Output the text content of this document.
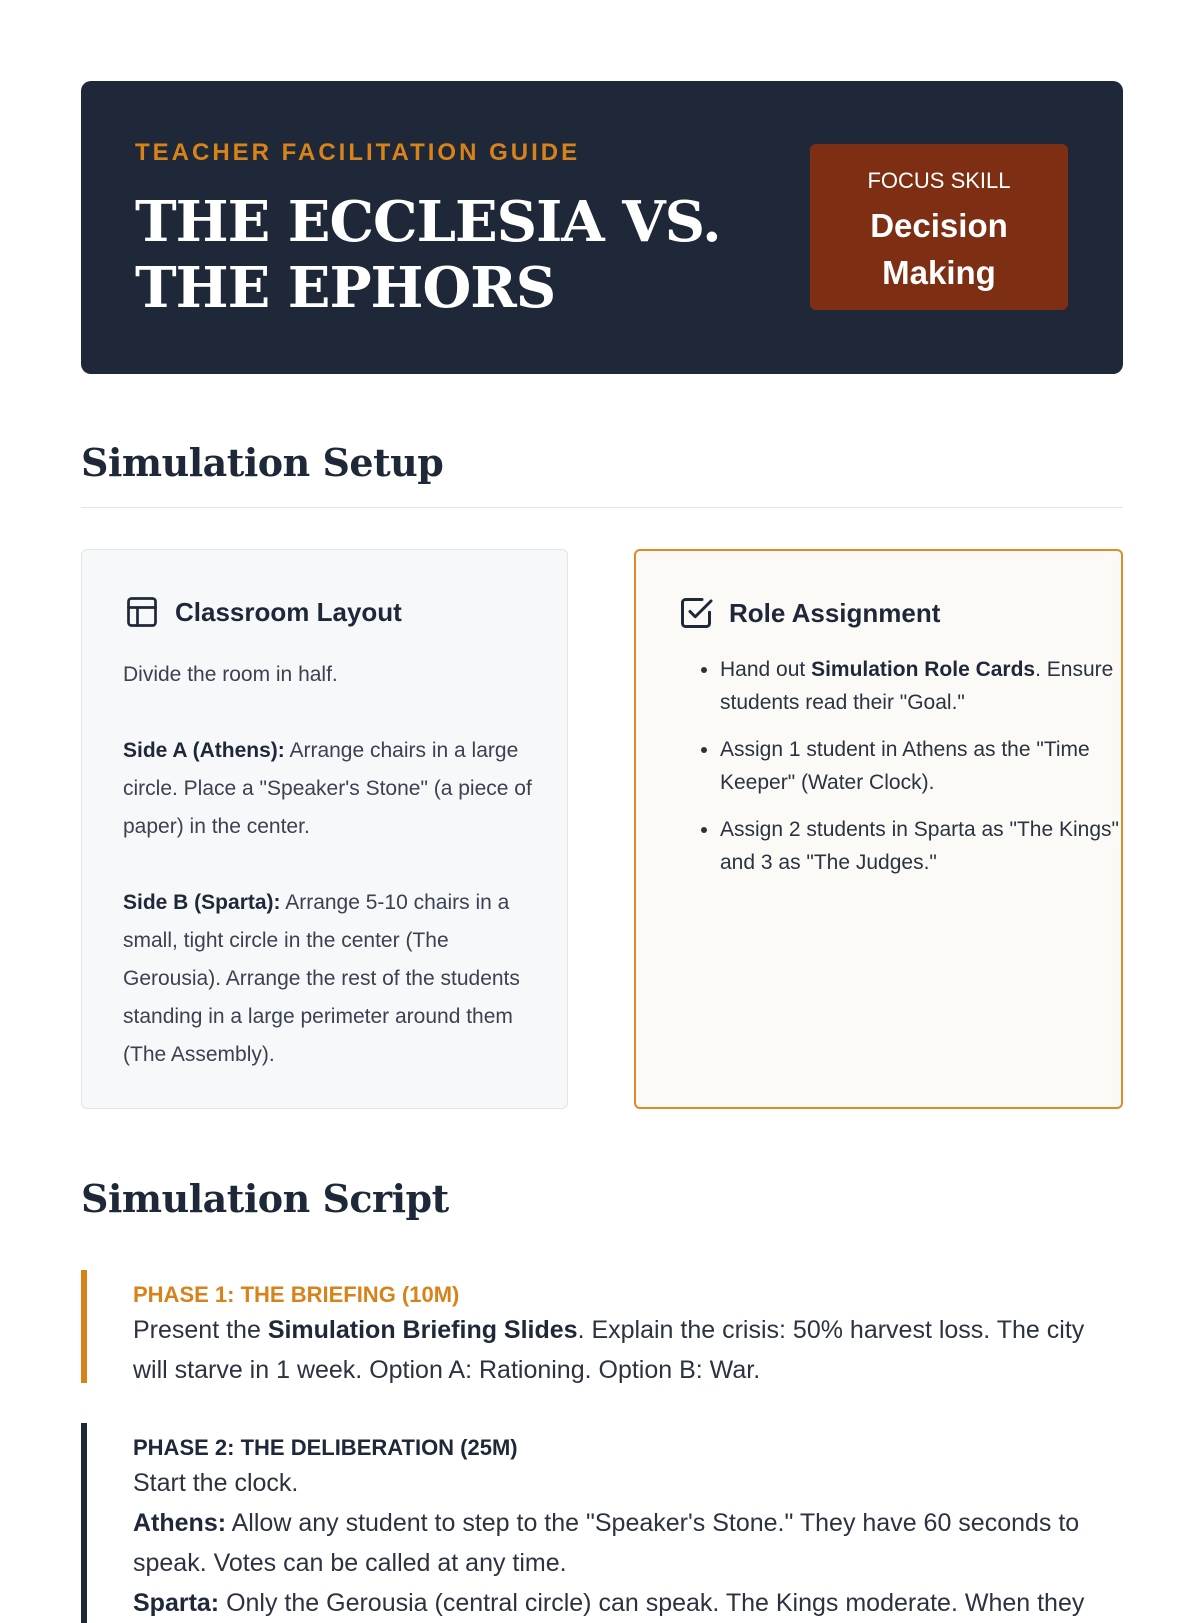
TEACHER FACILITATION GUIDE
THE ECCLESIA VS.
THE EPHORS
FOCUS SKILL
Decision
Making
Simulation Setup
Classroom Layout

Divide the room in half.

Side A (Athens): Arrange chairs in a large circle. Place a "Speaker's Stone" (a piece of paper) in the center.

Side B (Sparta): Arrange 5-10 chairs in a small, tight circle in the center (The Gerousia). Arrange the rest of the students standing in a large perimeter around them (The Assembly).

Role Assignment
• Hand out Simulation Role Cards. Ensure students read their "Goal."
• Assign 1 student in Athens as the "Time Keeper" (Water Clock).
• Assign 2 students in Sparta as "The Kings" and 3 as "The Judges."
Simulation Script
PHASE 1: THE BRIEFING (10M)

Present the Simulation Briefing Slides. Explain the crisis: 50% harvest loss. The city will starve in 1 week. Option A: Rationing. Option B: War.

PHASE 2: THE DELIBERATION (25M)

Start the clock.

Athens: Allow any student to step to the "Speaker's Stone." They have 60 seconds to speak. Votes can be called at any time.

Sparta: Only the Gerousia (central circle) can speak. The Kings moderate. When they
